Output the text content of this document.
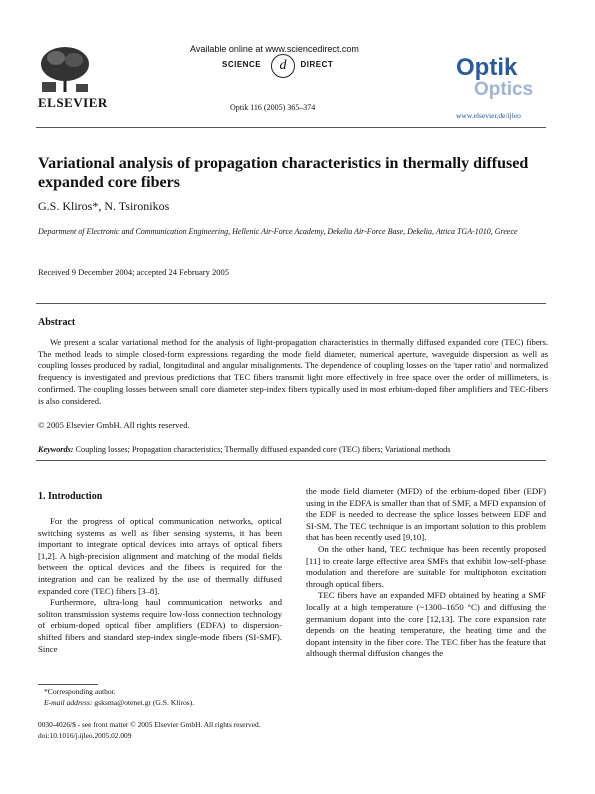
ELSEVIER
Available online at www.sciencedirect.com
SCIENCE	DIRECT
d
Optik 116 (2005) 365–374
Optik
Optics
www.elsevier.de/ijleo
Variational analysis of propagation characteristics in thermally diffused expanded core fibers
G.S. Kliros*, N. Tsironikos
Department of Electronic and Communication Engineering, Hellenic Air-Force Academy, Dekelia Air-Force Base, Dekelia, Attica TGA-1010, Greece
Received 9 December 2004; accepted 24 February 2005
Abstract

We present a scalar variational method for the analysis of light-propagation characteristics in thermally diffused expanded core (TEC) fibers. The method leads to simple closed-form expressions regarding the mode field diameter, numerical aperture, waveguide dispersion as well as coupling losses produced by radial, longitudinal and angular misalignments. The dependence of coupling losses on the 'taper ratio' and normalized frequency is investigated and previous predictions that TEC fibers transmit light more effectively in free space over the order of millimeters, is confirmed. The coupling losses between small core diameter step-index fibers typically used in most erbium-doped fiber amplifiers and TEC-fibers is also considered.

© 2005 Elsevier GmbH. All rights reserved.
Keywords: Coupling losses; Propagation characteristics; Thermally diffused expanded core (TEC) fibers; Variational methods
1. Introduction

For the progress of optical communication networks, optical switching systems as well as fiber sensing systems, it has been important to integrate optical devices into arrays of optical fibers [1,2]. A high-precision alignment and matching of the modal fields between the optical devices and the fibers is required for the integration and can be realized by the use of thermally diffused expanded core (TEC) fibers [3–8].

Furthermore, ultra-long haul communication networks and soliton transmission systems require low-loss connection technology of erbium-doped optical fiber amplifiers (EDFA) to dispersion-shifted fibers and standard step-index single-mode fibers (SI-SMF). Since

the mode field diameter (MFD) of the erbium-doped fiber (EDF) using in the EDFA is smaller than that of SMF, a MFD expansion of the EDF is needed to decrease the splice losses between EDF and SI-SM. The TEC technique is an important solution to this problem that has been recently used [9,10].

On the other hand, TEC technique has been recently proposed [11] to create large effective area SMFs that exhibit low-self-phase modulation and therefore are suitable for multiphoton excitation through optical fibers.

TEC fibers have an expanded MFD obtained by heating a SMF locally at a high temperature (~1300–1650 °C) and diffusing the germanium dopant into the core [12,13]. The core expansion rate depends on the heating temperature, the heating time and the dopant intensity in the fiber core. The TEC fiber has the feature that although thermal diffusion changes the

*Corresponding author.
E-mail address: gsksma@otenet.gr (G.S. Kliros).
0030-4026/$ - see front matter © 2005 Elsevier GmbH. All rights reserved.
doi:10.1016/j.ijleo.2005.02.009
